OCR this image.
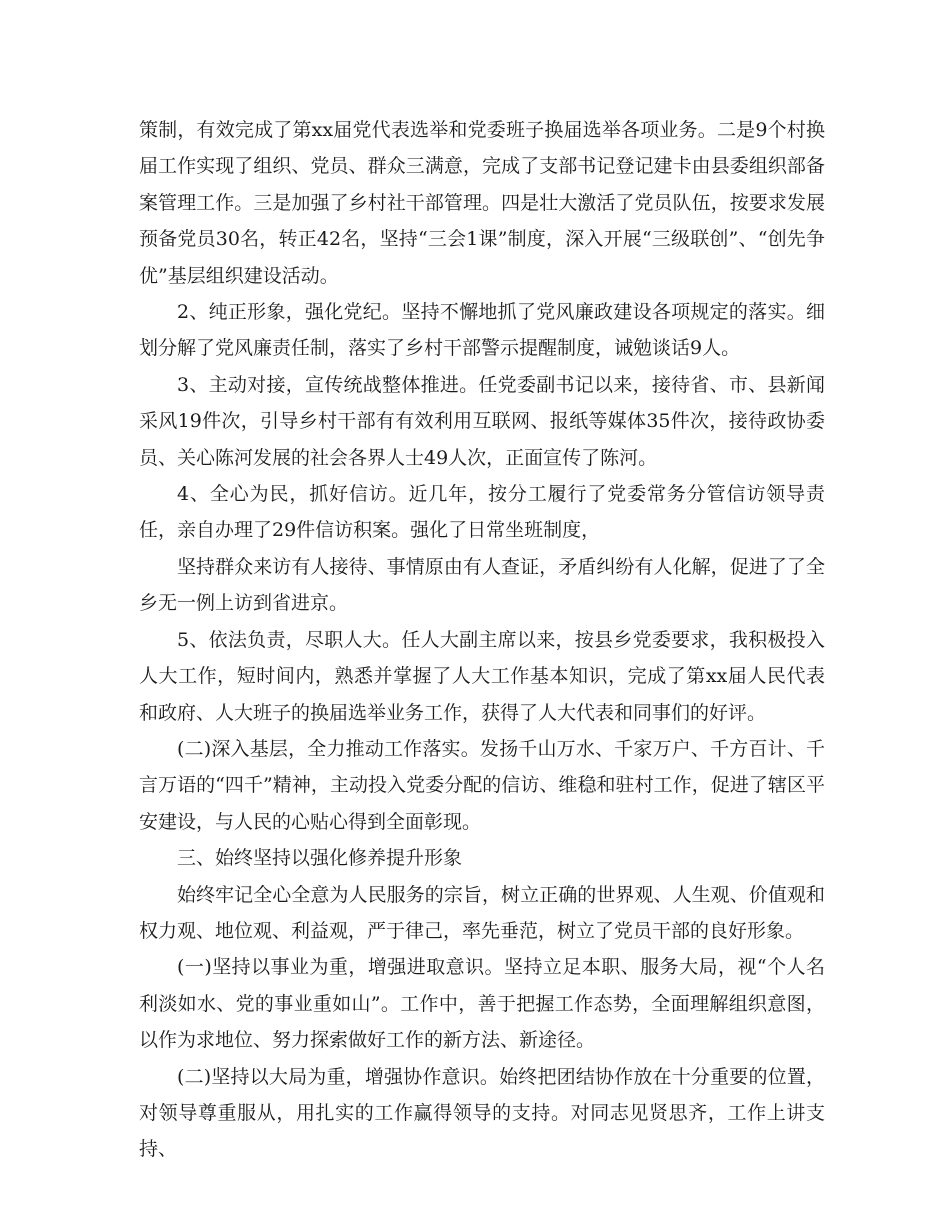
策制，有效完成了第xx届党代表选举和党委班子换届选举各项业务。二是9个村换届工作实现了组织、党员、群众三满意，完成了支部书记登记建卡由县委组织部备案管理工作。三是加强了乡村社干部管理。四是壮大激活了党员队伍，按要求发展预备党员30名，转正42名，坚持“三会1课”制度，深入开展“三级联创”、“创先争优”基层组织建设活动。

2、纯正形象，强化党纪。坚持不懈地抓了党风廉政建设各项规定的落实。细划分解了党风廉责任制，落实了乡村干部警示提醒制度，诫勉谈话9人。

3、主动对接，宣传统战整体推进。任党委副书记以来，接待省、市、县新闻采风19件次，引导乡村干部有有效利用互联网、报纸等媒体35件次，接待政协委员、关心陈河发展的社会各界人士49人次，正面宣传了陈河。

4、全心为民，抓好信访。近几年，按分工履行了党委常务分管信访领导责任，亲自办理了29件信访积案。强化了日常坐班制度，

坚持群众来访有人接待、事情原由有人查证，矛盾纠纷有人化解，促进了了全乡无一例上访到省进京。

5、依法负责，尽职人大。任人大副主席以来，按县乡党委要求，我积极投入人大工作，短时间内，熟悉并掌握了人大工作基本知识，完成了第xx届人民代表和政府、人大班子的换届选举业务工作，获得了人大代表和同事们的好评。

(二)深入基层，全力推动工作落实。发扬千山万水、千家万户、千方百计、千言万语的“四千”精神，主动投入党委分配的信访、维稳和驻村工作，促进了辖区平安建设，与人民的心贴心得到全面彰现。

三、始终坚持以强化修养提升形象

始终牢记全心全意为人民服务的宗旨，树立正确的世界观、人生观、价值观和权力观、地位观、利益观，严于律己，率先垂范，树立了党员干部的良好形象。

(一)坚持以事业为重，增强进取意识。坚持立足本职、服务大局，视“个人名利淡如水、党的事业重如山”。工作中，善于把握工作态势，全面理解组织意图，以作为求地位、努力探索做好工作的新方法、新途径。

(二)坚持以大局为重，增强协作意识。始终把团结协作放在十分重要的位置，对领导尊重服从，用扎实的工作赢得领导的支持。对同志见贤思齐，工作上讲支持、
